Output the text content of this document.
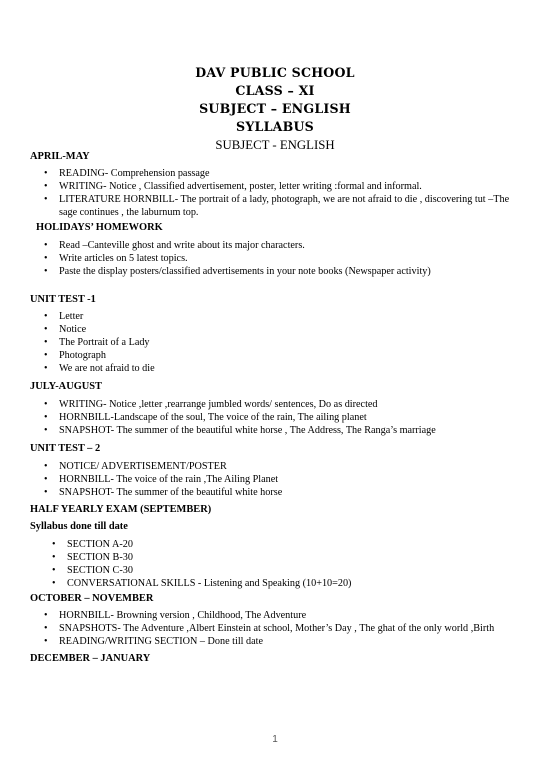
DAV PUBLIC SCHOOL
CLASS – XI
SUBJECT – ENGLISH
SYLLABUS
SUBJECT - ENGLISH

APRIL-MAY

• READING- Comprehension passage
• WRITING- Notice , Classified advertisement, poster, letter writing :formal and informal.
• LITERATURE HORNBILL- The portrait of a lady, photograph, we are not afraid to die , discovering tut –The sage continues , the laburnum top.

HOLIDAYS’ HOMEWORK

• Read –Canteville ghost and write about its major characters.
• Write articles on 5 latest topics.
• Paste the display posters/classified advertisements in your note books (Newspaper activity)

UNIT TEST -1

• Letter
• Notice
• The Portrait of a Lady
• Photograph
• We are not afraid to die

JULY-AUGUST

• WRITING- Notice ,letter ,rearrange jumbled words/ sentences, Do as directed
• HORNBILL-Landscape of the soul, The voice of the rain, The ailing planet
• SNAPSHOT- The summer of the beautiful white horse , The Address, The Ranga’s marriage

UNIT TEST – 2

• NOTICE/ ADVERTISEMENT/POSTER
• HORNBILL- The voice of the rain ,The Ailing Planet
• SNAPSHOT- The summer of the beautiful white horse

HALF YEARLY EXAM (SEPTEMBER)

Syllabus done till date

• SECTION A-20
• SECTION B-30
• SECTION C-30
• CONVERSATIONAL SKILLS - Listening and Speaking (10+10=20)

OCTOBER – NOVEMBER

• HORNBILL- Browning version , Childhood, The Adventure
• SNAPSHOTS- The Adventure ,Albert Einstein at school, Mother’s Day , The ghat of the only world ,Birth
• READING/WRITING SECTION – Done till date

DECEMBER – JANUARY

1
